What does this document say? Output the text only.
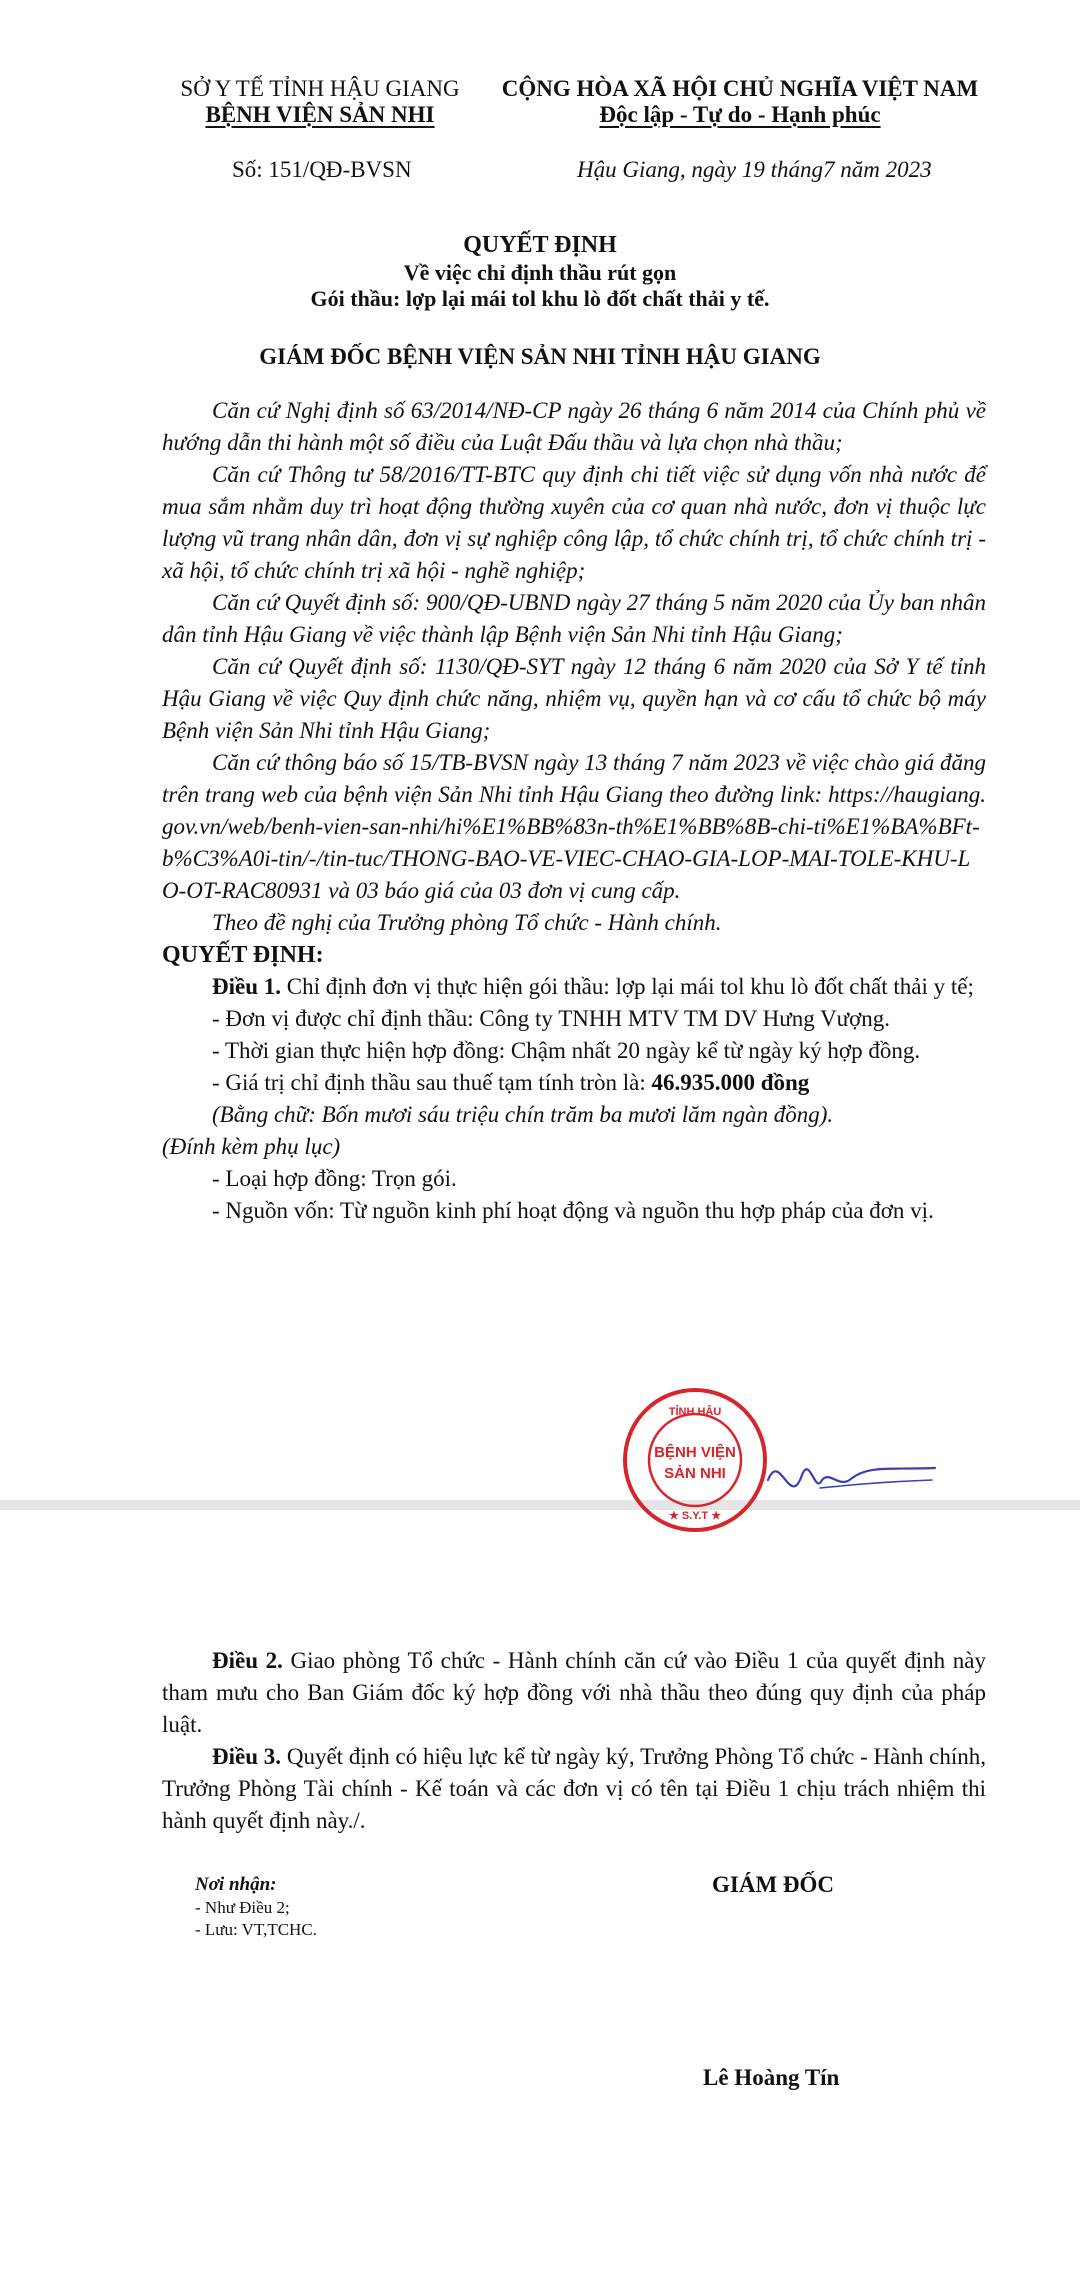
SỞ Y TẾ TỈNH HẬU GIANG
BỆNH VIỆN SẢN NHI
CỘNG HÒA XÃ HỘI CHỦ NGHĨA VIỆT NAM
Độc lập - Tự do - Hạnh phúc
Số: 151/QĐ-BVSN	Hậu Giang, ngày 19 tháng7 năm 2023
QUYẾT ĐỊNH
Về việc chỉ định thầu rút gọn
Gói thầu: lợp lại mái tol khu lò đốt chất thải y tế.
GIÁM ĐỐC BỆNH VIỆN SẢN NHI TỈNH HẬU GIANG

Căn cứ Nghị định số 63/2014/NĐ-CP ngày 26 tháng 6 năm 2014 của Chính phủ về hướng dẫn thi hành một số điều của Luật Đấu thầu và lựa chọn nhà thầu;

Căn cứ Thông tư 58/2016/TT-BTC quy định chi tiết việc sử dụng vốn nhà nước để mua sắm nhằm duy trì hoạt động thường xuyên của cơ quan nhà nước, đơn vị thuộc lực lượng vũ trang nhân dân, đơn vị sự nghiệp công lập, tổ chức chính trị, tổ chức chính trị - xã hội, tổ chức chính trị xã hội - nghề nghiệp;

Căn cứ Quyết định số: 900/QĐ-UBND ngày 27 tháng 5 năm 2020 của Ủy ban nhân dân tỉnh Hậu Giang về việc thành lập Bệnh viện Sản Nhi tỉnh Hậu Giang;

Căn cứ Quyết định số: 1130/QĐ-SYT ngày 12 tháng 6 năm 2020 của Sở Y tế tỉnh Hậu Giang về việc Quy định chức năng, nhiệm vụ, quyền hạn và cơ cấu tổ chức bộ máy Bệnh viện Sản Nhi tỉnh Hậu Giang;

Căn cứ thông báo số 15/TB-BVSN ngày 13 tháng 7 năm 2023 về việc chào giá đăng trên trang web của bệnh viện Sản Nhi tỉnh Hậu Giang theo đường link: https://haugiang.gov.vn/web/benh-vien-san-nhi/hi%E1%BB%83n-th%E1%BB%8B-chi-ti%E1%BA%BFt-b%C3%A0i-tin/-/tin-tuc/THONG-BAO-VE-VIEC-CHAO-GIA-LOP-MAI-TOLE-KHU-LO-OT-RAC80931 và 03 báo giá của 03 đơn vị cung cấp.

Theo đề nghị của Trưởng phòng Tổ chức - Hành chính.

QUYẾT ĐỊNH:

Điều 1. Chỉ định đơn vị thực hiện gói thầu: lợp lại mái tol khu lò đốt chất thải y tế;

- Đơn vị được chỉ định thầu: Công ty TNHH MTV TM DV Hưng Vượng.

- Thời gian thực hiện hợp đồng: Chậm nhất 20 ngày kể từ ngày ký hợp đồng.

- Giá trị chỉ định thầu sau thuế tạm tính tròn là: 46.935.000 đồng

(Bằng chữ: Bốn mươi sáu triệu chín trăm ba mươi lăm ngàn đồng).

(Đính kèm phụ lục)

- Loại hợp đồng: Trọn gói.

- Nguồn vốn: Từ nguồn kinh phí hoạt động và nguồn thu hợp pháp của đơn vị.

Điều 2. Giao phòng Tổ chức - Hành chính căn cứ vào Điều 1 của quyết định này tham mưu cho Ban Giám đốc ký hợp đồng với nhà thầu theo đúng quy định của pháp luật.

Điều 3. Quyết định có hiệu lực kể từ ngày ký, Trưởng Phòng Tổ chức - Hành chính, Trưởng Phòng Tài chính - Kế toán và các đơn vị có tên tại Điều 1 chịu trách nhiệm thi hành quyết định này./.

Nơi nhận:
- Như Điều 2;
- Lưu: VT,TCHC.
GIÁM ĐỐC
Lê Hoàng Tín
TỈNH HẬU
★ S.Y.T ★
BỆNH VIỆN
SẢN NHI
